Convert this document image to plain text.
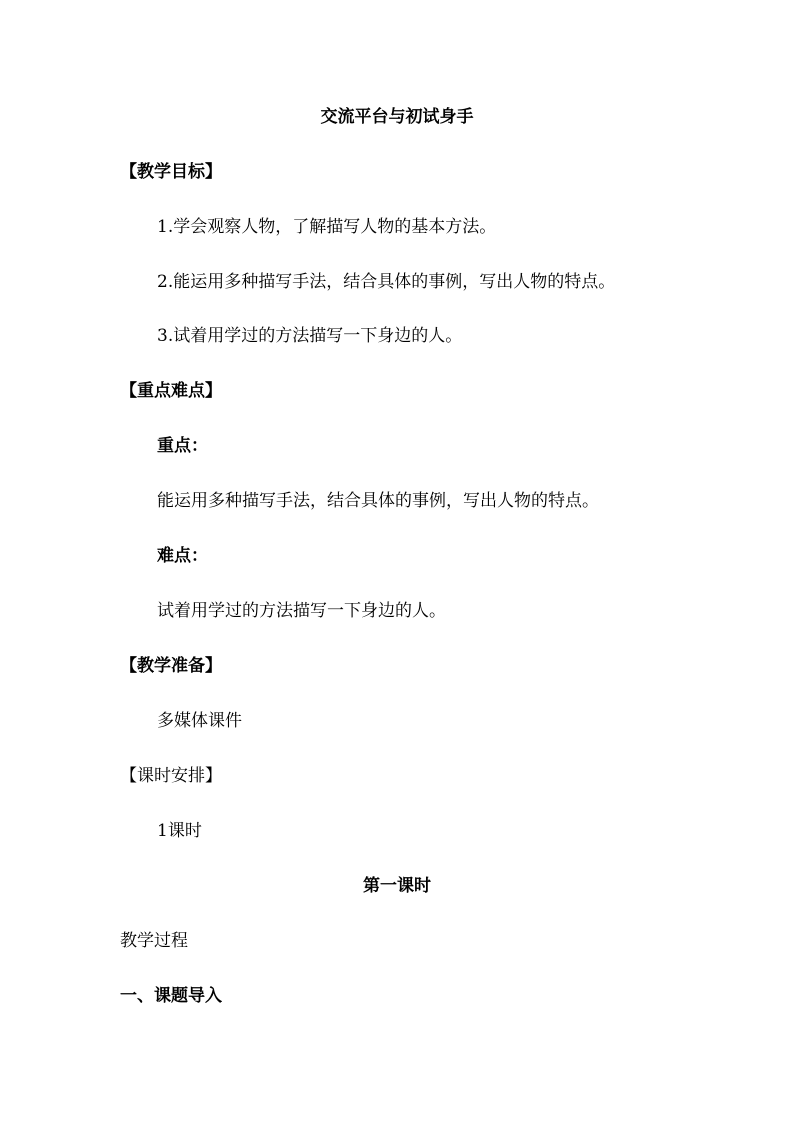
交流平台与初试身手
【教学目标】
1.学会观察人物，了解描写人物的基本方法。
2.能运用多种描写手法，结合具体的事例，写出人物的特点。
3.试着用学过的方法描写一下身边的人。
【重点难点】
重点：
能运用多种描写手法，结合具体的事例，写出人物的特点。
难点：
试着用学过的方法描写一下身边的人。
【教学准备】
多媒体课件
【课时安排】
1课时
第一课时
教学过程
一、课题导入
